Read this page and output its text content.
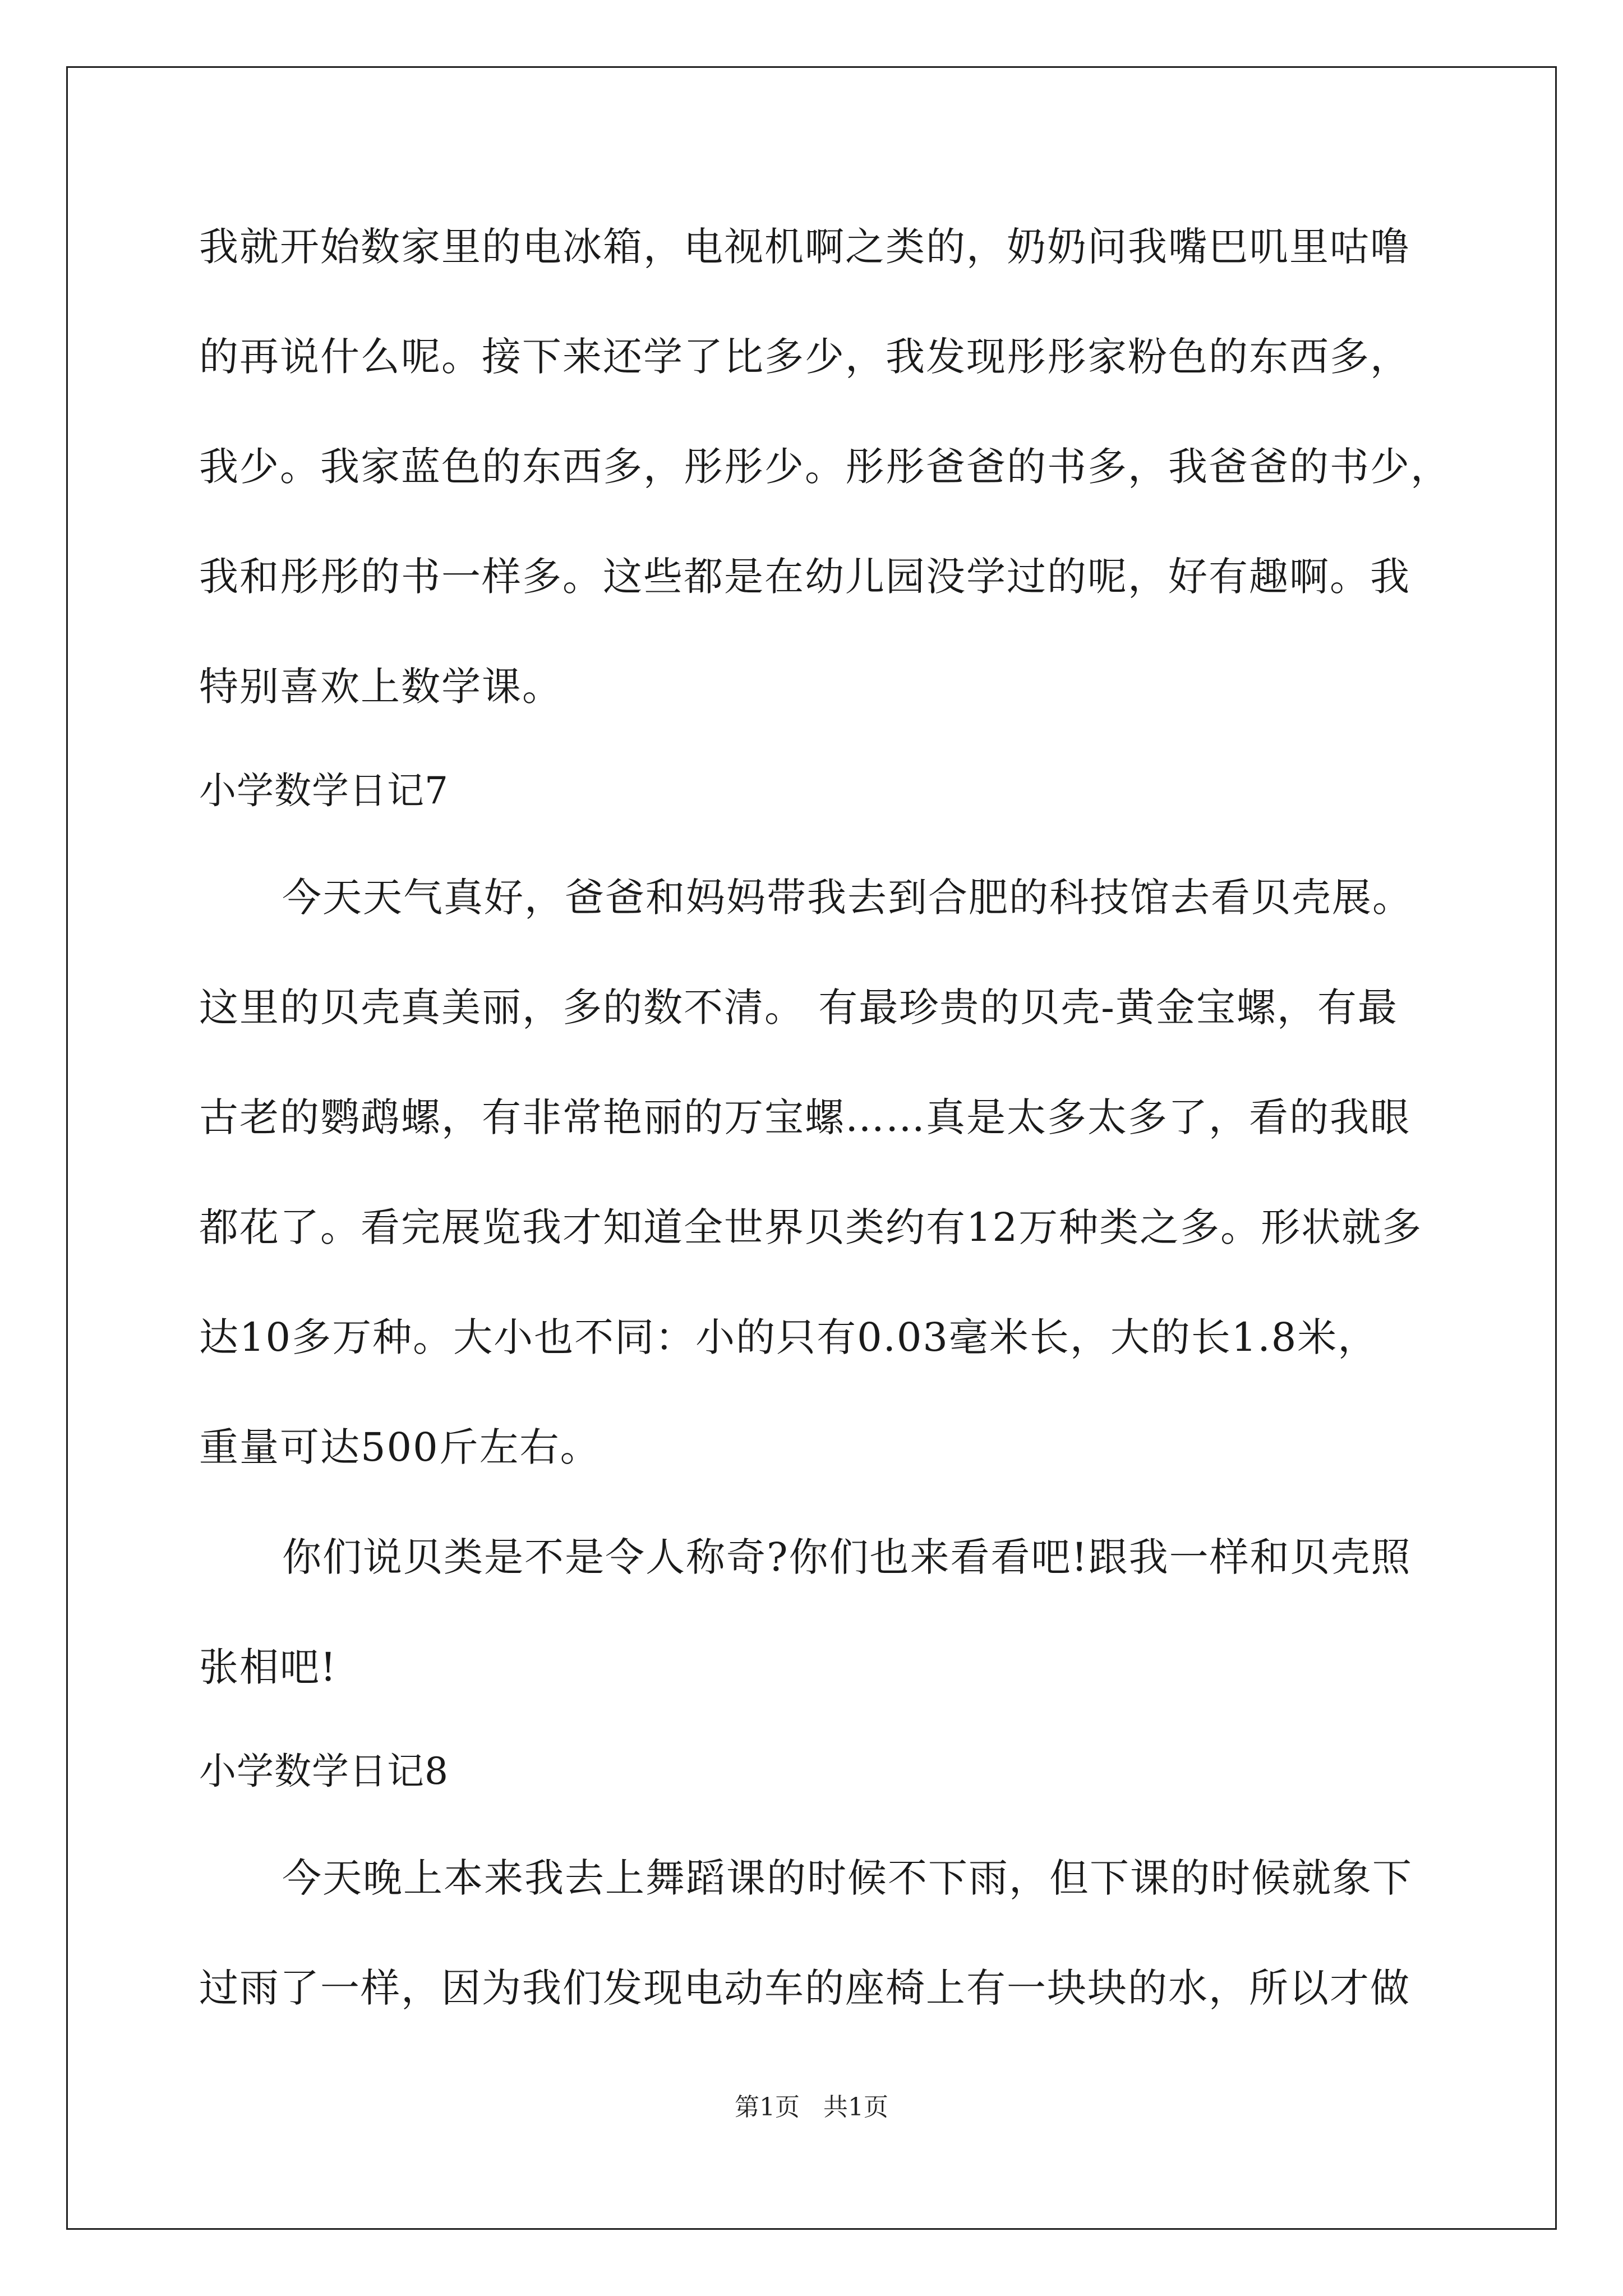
我就开始数家里的电冰箱，电视机啊之类的，奶奶问我嘴巴叽里咕噜
的再说什么呢。接下来还学了比多少，我发现彤彤家粉色的东西多，
我少。我家蓝色的东西多，彤彤少。彤彤爸爸的书多，我爸爸的书少，
我和彤彤的书一样多。这些都是在幼儿园没学过的呢，好有趣啊。我
特别喜欢上数学课。
小学数学日记7
今天天气真好，爸爸和妈妈带我去到合肥的科技馆去看贝壳展。
这里的贝壳真美丽，多的数不清。 有最珍贵的贝壳-黄金宝螺，有最
古老的鹦鹉螺，有非常艳丽的万宝螺……真是太多太多了，看的我眼
都花了。看完展览我才知道全世界贝类约有12万种类之多。形状就多
达10多万种。大小也不同：小的只有0.03毫米长，大的长1.8米，
重量可达500斤左右。
你们说贝类是不是令人称奇?你们也来看看吧!跟我一样和贝壳照
张相吧!
小学数学日记8
今天晚上本来我去上舞蹈课的时候不下雨，但下课的时候就象下
过雨了一样，因为我们发现电动车的座椅上有一块块的水，所以才做
第1页   共1页
